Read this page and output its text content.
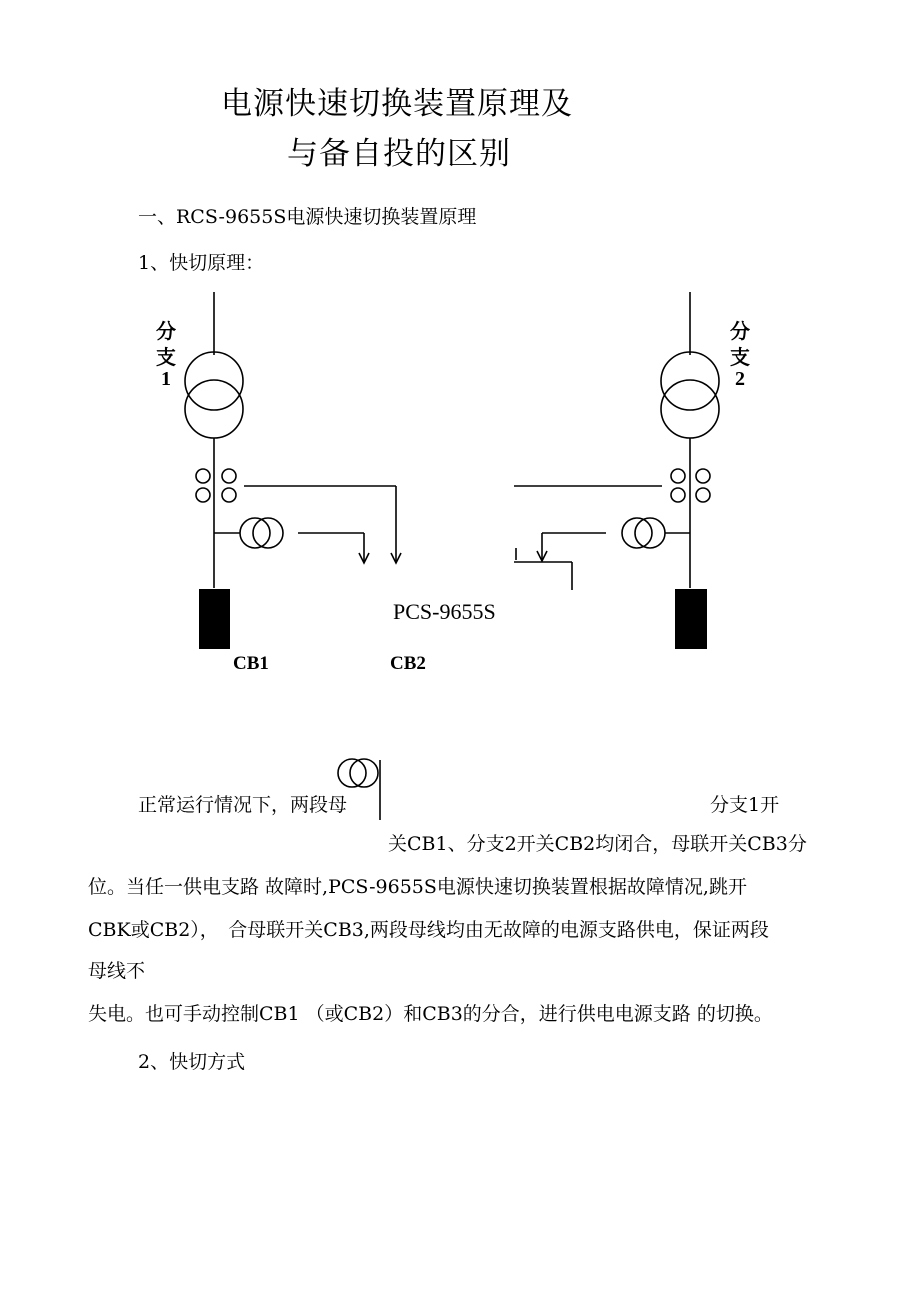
电源快速切换装置原理及
与备自投的区别
一、RCS-9655S电源快速切换装置原理
1、快切原理：
分
支
1
分
支
2
PCS-9655S
CB1	CB2
正常运行情况下，两段母	分支1开
关CB1、分支2开关CB2均闭合，母联开关CB3分
位。当任一供电支路 故障时,PCS-9655S电源快速切换装置根据故障情况,跳开
CBK或CB2），　合母联开关CB3,两段母线均由无故障的电源支路供电，保证两段
母线不
失电。也可手动控制CB1 （或CB2）和CB3的分合，进行供电电源支路 的切换。
2、快切方式
